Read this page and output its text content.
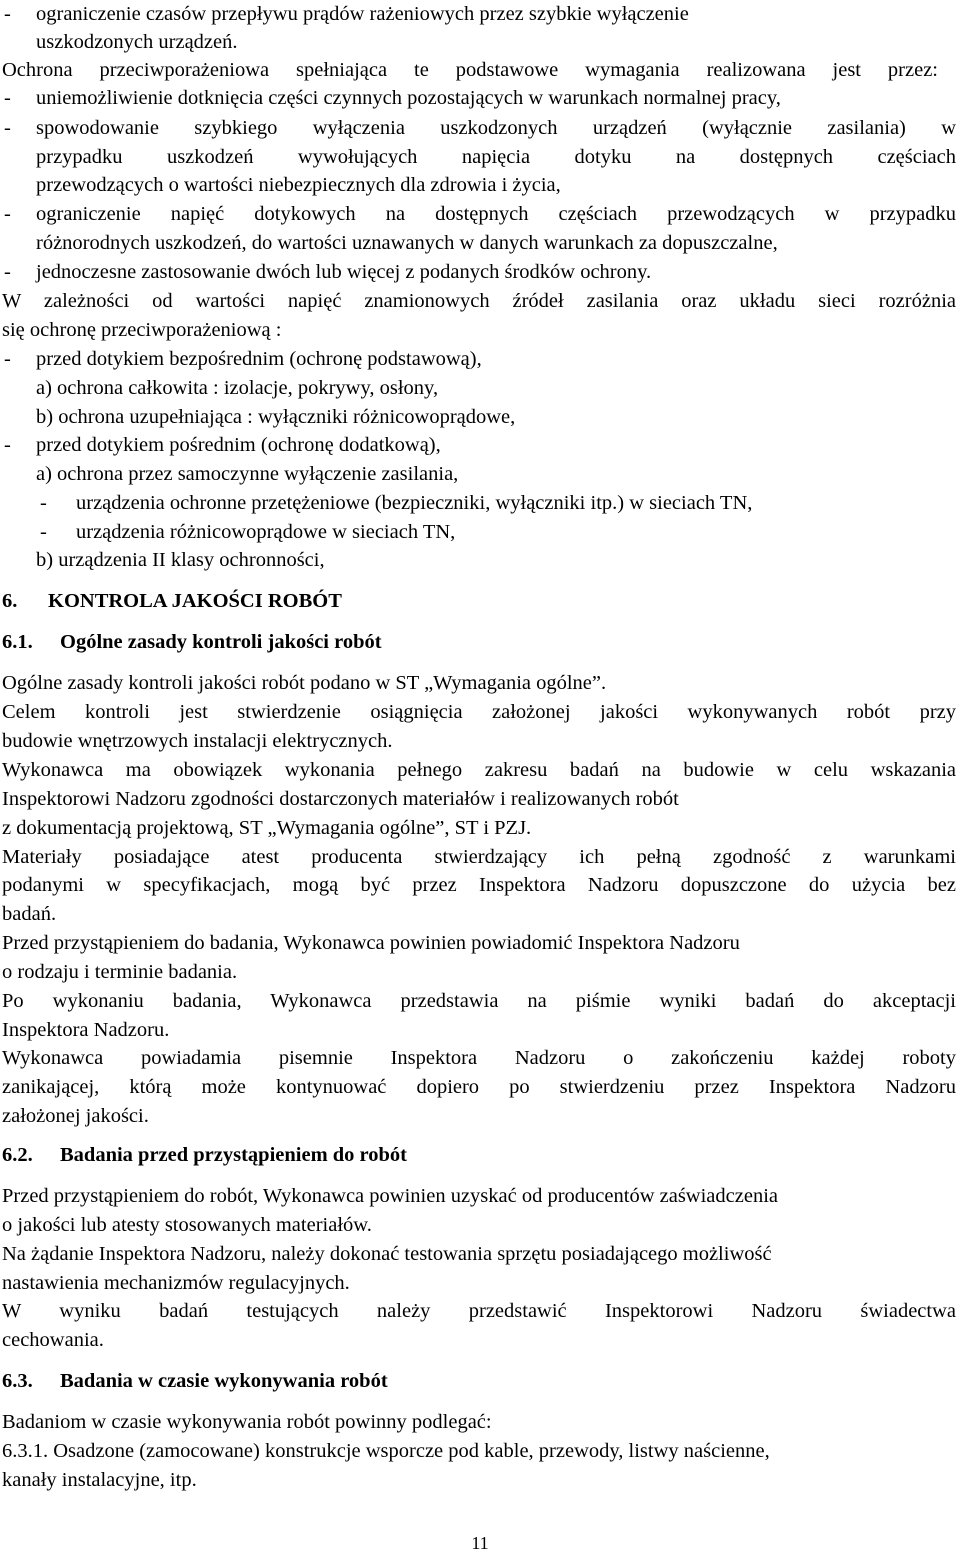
- ograniczenie czasów przepływu prądów rażeniowych przez szybkie wyłączenie
uszkodzonych urządzeń.
Ochrona przeciwporażeniowa spełniająca te podstawowe wymagania realizowana jest przez:
- uniemożliwienie dotknięcia części czynnych pozostających w warunkach normalnej pracy,
- spowodowanie szybkiego wyłączenia uszkodzonych urządzeń (wyłącznie zasilania) w
przypadku uszkodzeń wywołujących napięcia dotyku na dostępnych częściach
przewodzących o wartości niebezpiecznych dla zdrowia i życia,
- ograniczenie napięć dotykowych na dostępnych częściach przewodzących w przypadku
różnorodnych uszkodzeń, do wartości uznawanych w danych warunkach za dopuszczalne,
- jednoczesne zastosowanie dwóch lub więcej z podanych środków ochrony.
W zależności od wartości napięć znamionowych źródeł zasilania oraz układu sieci rozróżnia
się ochronę przeciwporażeniową :
- przed dotykiem bezpośrednim (ochronę podstawową),
a) ochrona całkowita : izolacje, pokrywy, osłony,
b) ochrona uzupełniająca : wyłączniki różnicowoprądowe,
- przed dotykiem pośrednim (ochronę dodatkową),
a) ochrona przez samoczynne wyłączenie zasilania,
- urządzenia ochronne przetężeniowe (bezpieczniki, wyłączniki itp.) w sieciach TN,
- urządzenia różnicowoprądowe w sieciach TN,
b) urządzenia II klasy ochronności,
6. KONTROLA JAKOŚCI ROBÓT
6.1. Ogólne zasady kontroli jakości robót
Ogólne zasady kontroli jakości robót podano w ST „Wymagania ogólne”.
Celem kontroli jest stwierdzenie osiągnięcia założonej jakości wykonywanych robót przy
budowie wnętrzowych instalacji elektrycznych.
Wykonawca ma obowiązek wykonania pełnego zakresu badań na budowie w celu wskazania
Inspektorowi Nadzoru zgodności dostarczonych materiałów i realizowanych robót
z dokumentacją projektową, ST „Wymagania ogólne”, ST i PZJ.
Materiały posiadające atest producenta stwierdzający ich pełną zgodność z warunkami
podanymi w specyfikacjach, mogą być przez Inspektora Nadzoru dopuszczone do użycia bez
badań.
Przed przystąpieniem do badania, Wykonawca powinien powiadomić Inspektora Nadzoru
o rodzaju i terminie badania.
Po wykonaniu badania, Wykonawca przedstawia na piśmie wyniki badań do akceptacji
Inspektora Nadzoru.
Wykonawca powiadamia pisemnie Inspektora Nadzoru o zakończeniu każdej roboty
zanikającej, którą może kontynuować dopiero po stwierdzeniu przez Inspektora Nadzoru
założonej jakości.
6.2. Badania przed przystąpieniem do robót
Przed przystąpieniem do robót, Wykonawca powinien uzyskać od producentów zaświadczenia
o jakości lub atesty stosowanych materiałów.
Na żądanie Inspektora Nadzoru, należy dokonać testowania sprzętu posiadającego możliwość
nastawienia mechanizmów regulacyjnych.
W wyniku badań testujących należy przedstawić Inspektorowi Nadzoru świadectwa
cechowania.
6.3. Badania w czasie wykonywania robót
Badaniom w czasie wykonywania robót powinny podlegać:
6.3.1. Osadzone (zamocowane) konstrukcje wsporcze pod kable, przewody, listwy naścienne,
kanały instalacyjne, itp.
11
